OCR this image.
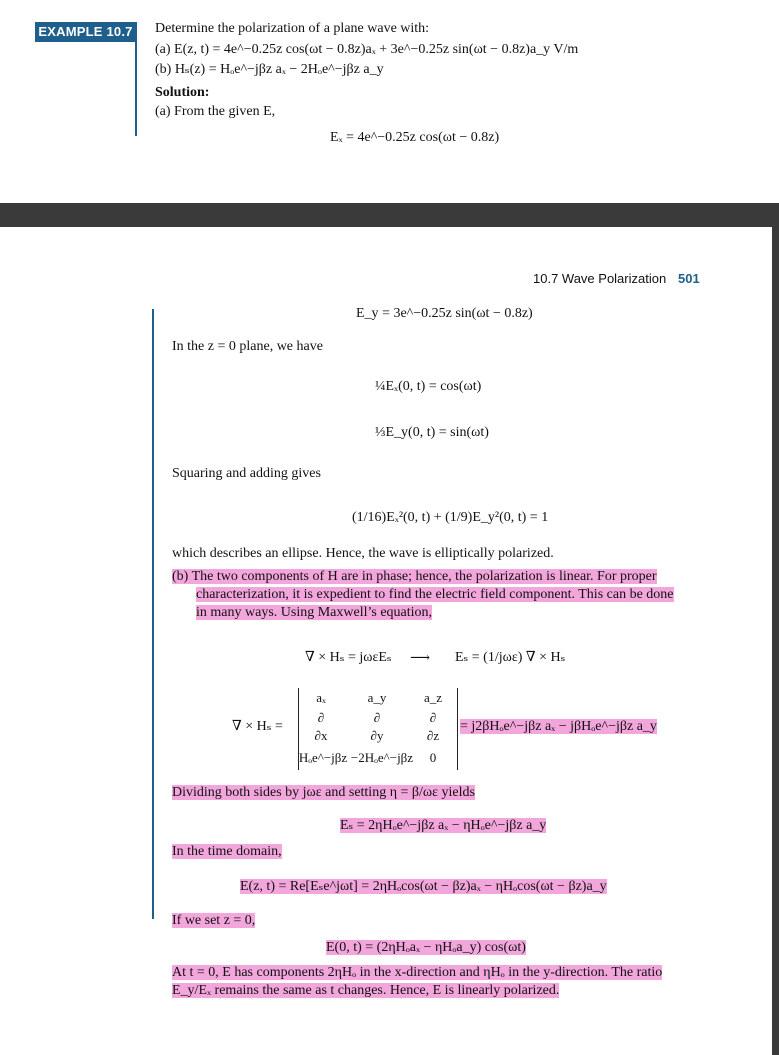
EXAMPLE 10.7 Determine the polarization of a plane wave with:
(a) E(z, t) = 4e^−0.25z cos(ωt − 0.8z)aₓ + 3e^−0.25z sin(ωt − 0.8z)a_y V/m
(b) Hₛ(z) = Hₒe^−jβz aₓ − 2Hₒe^−jβz a_y
Solution:
(a) From the given E,
Eₓ = 4e^−0.25z cos(ωt − 0.8z)
10.7 Wave Polarization 501
E_y = 3e^−0.25z sin(ωt − 0.8z)
In the z = 0 plane, we have
¼Eₓ(0, t) = cos(ωt)
⅓E_y(0, t) = sin(ωt)
Squaring and adding gives
(1/16)Eₓ²(0, t) + (1/9)E_y²(0, t) = 1
which describes an ellipse. Hence, the wave is elliptically polarized.
(b) The two components of H are in phase; hence, the polarization is linear. For proper
characterization, it is expedient to find the electric field component. This can be done
in many ways. Using Maxwell’s equation,
∇ × Hₛ = jωεEₛ ⟶ Eₛ = (1/jωε) ∇ × Hₛ
∇ × Hₛ =
aₓ	a_y	a_z
∂	∂	∂
∂x	∂y	∂z
Hₒe^−jβz −2Hₒe^−jβz	0
= j2βHₒe^−jβz aₓ − jβHₒe^−jβz a_y
Dividing both sides by jωε and setting η = β/ωε yields
Eₛ = 2ηHₒe^−jβz aₓ − ηHₒe^−jβz a_y
In the time domain,
E(z, t) = Re[Eₛe^jωt] = 2ηHₒcos(ωt − βz)aₓ − ηHₒcos(ωt − βz)a_y
If we set z = 0,
E(0, t) = (2ηHₒaₓ − ηHₒa_y) cos(ωt)
At t = 0, E has components 2ηHₒ in the x-direction and ηHₒ in the y-direction. The ratio
E_y/Eₓ remains the same as t changes. Hence, E is linearly polarized.
